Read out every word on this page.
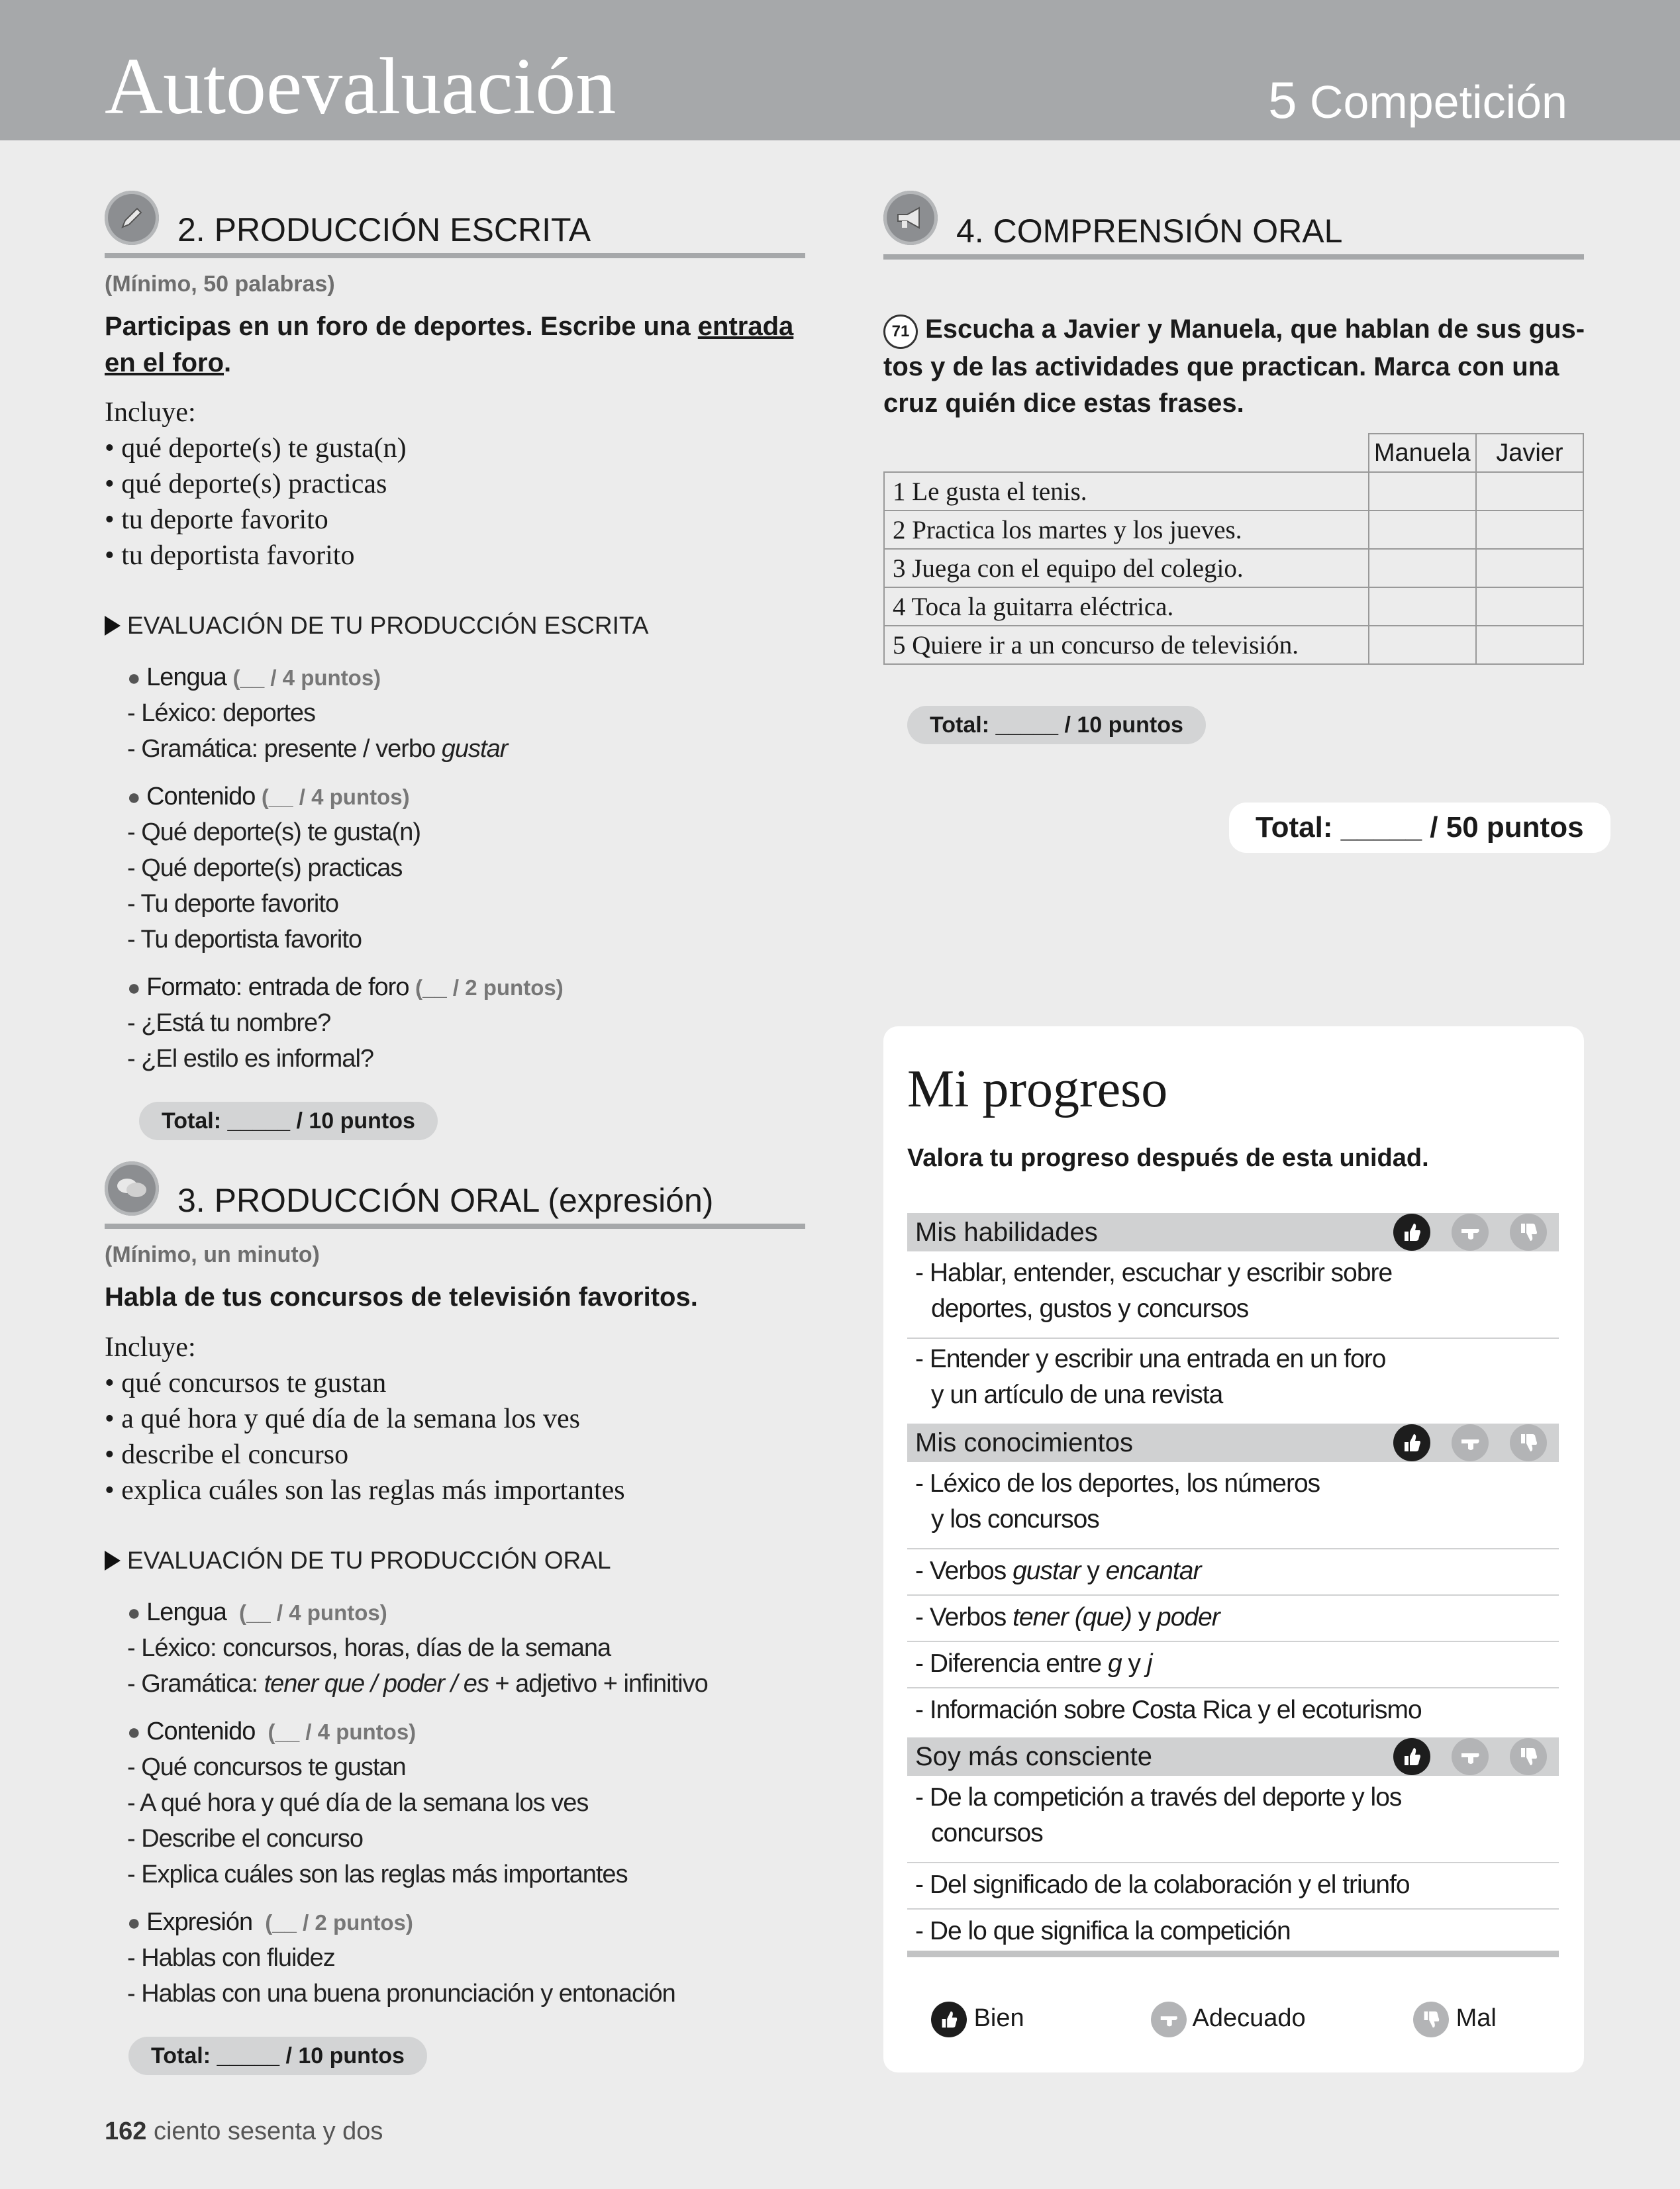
Autoevaluación	5 Competición
2. PRODUCCIÓN ESCRITA
(Mínimo, 50 palabras)
Participas en un foro de deportes. Escribe una entrada en el foro.
Incluye:
• qué deporte(s) te gusta(n)
• qué deporte(s) practicas
• tu deporte favorito
• tu deportista favorito
EVALUACIÓN DE TU PRODUCCIÓN ESCRITA
● Lengua (__ / 4 puntos)
- Léxico: deportes
- Gramática: presente / verbo gustar
● Contenido (__ / 4 puntos)
- Qué deporte(s) te gusta(n)
- Qué deporte(s) practicas
- Tu deporte favorito
- Tu deportista favorito
● Formato: entrada de foro (__ / 2 puntos)
- ¿Está tu nombre?
- ¿El estilo es informal?
Total: _____ / 10 puntos
3. PRODUCCIÓN ORAL (expresión)
(Mínimo, un minuto)
Habla de tus concursos de televisión favoritos.
Incluye:
• qué concursos te gustan
• a qué hora y qué día de la semana los ves
• describe el concurso
• explica cuáles son las reglas más importantes
EVALUACIÓN DE TU PRODUCCIÓN ORAL
● Lengua (__ / 4 puntos)
- Léxico: concursos, horas, días de la semana
- Gramática: tener que / poder / es + adjetivo + infinitivo
● Contenido (__ / 4 puntos)
- Qué concursos te gustan
- A qué hora y qué día de la semana los ves
- Describe el concurso
- Explica cuáles son las reglas más importantes
● Expresión (__ / 2 puntos)
- Hablas con fluidez
- Hablas con una buena pronunciación y entonación
Total: _____ / 10 puntos
4. COMPRENSIÓN ORAL
71 Escucha a Javier y Manuela, que hablan de sus gus-
tos y de las actividades que practican. Marca con una
cruz quién dice estas frases.
	Manuela	Javier
1 Le gusta el tenis.		
2 Practica los martes y los jueves.		
3 Juega con el equipo del colegio.		
4 Toca la guitarra eléctrica.		
5 Quiere ir a un concurso de televisión.		
Total: _____ / 10 puntos
Total: _____ / 50 puntos
Mi progreso
Valora tu progreso después de esta unidad.
Mis habilidades
- Hablar, entender, escuchar y escribir sobre
deportes, gustos y concursos
- Entender y escribir una entrada en un foro
y un artículo de una revista
Mis conocimientos
- Léxico de los deportes, los números
y los concursos
- Verbos gustar y encantar
- Verbos tener (que) y poder
- Diferencia entre g y j
- Información sobre Costa Rica y el ecoturismo
Soy más consciente
- De la competición a través del deporte y los
concursos
- Del significado de la colaboración y el triunfo
- De lo que significa la competición
Bien	Adecuado	Mal
162 ciento sesenta y dos
